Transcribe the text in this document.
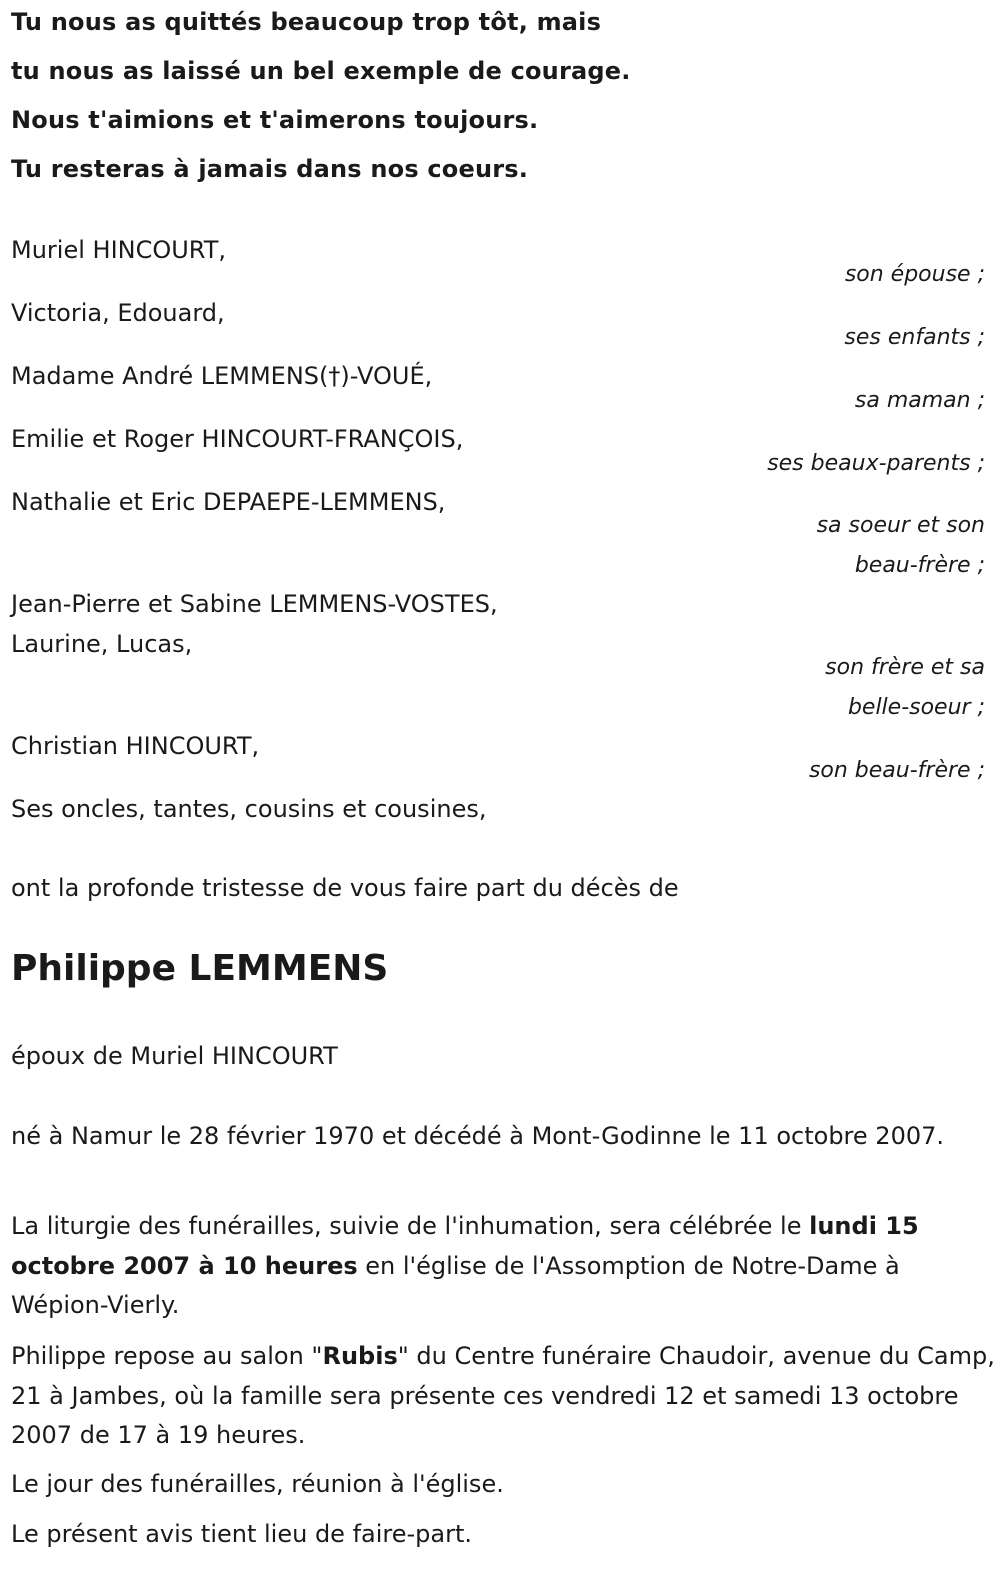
Tu nous as quittés beaucoup trop tôt, mais
tu nous as laissé un bel exemple de courage.
Nous t'aimions et t'aimerons toujours.
Tu resteras à jamais dans nos coeurs.
Muriel HINCOURT,
son épouse ;
Victoria, Edouard,
ses enfants ;
Madame André LEMMENS(†)-VOUÉ,
sa maman ;
Emilie et Roger HINCOURT-FRANÇOIS,
ses beaux-parents ;
Nathalie et Eric DEPAEPE-LEMMENS,
sa soeur et son
beau-frère ;
Jean-Pierre et Sabine LEMMENS-VOSTES,
Laurine, Lucas,
son frère et sa
belle-soeur ;
Christian HINCOURT,
son beau-frère ;
Ses oncles, tantes, cousins et cousines,
ont la profonde tristesse de vous faire part du décès de
Philippe LEMMENS
époux de Muriel HINCOURT
né à Namur le 28 février 1970 et décédé à Mont-Godinne le 11 octobre 2007.
La liturgie des funérailles, suivie de l'inhumation, sera célébrée le lundi 15 octobre 2007 à 10 heures en l'église de l'Assomption de Notre-Dame à Wépion-Vierly.
Philippe repose au salon "Rubis" du Centre funéraire Chaudoir, avenue du Camp, 21 à Jambes, où la famille sera présente ces vendredi 12 et samedi 13 octobre 2007 de 17 à 19 heures.
Le jour des funérailles, réunion à l'église.
Le présent avis tient lieu de faire-part.
